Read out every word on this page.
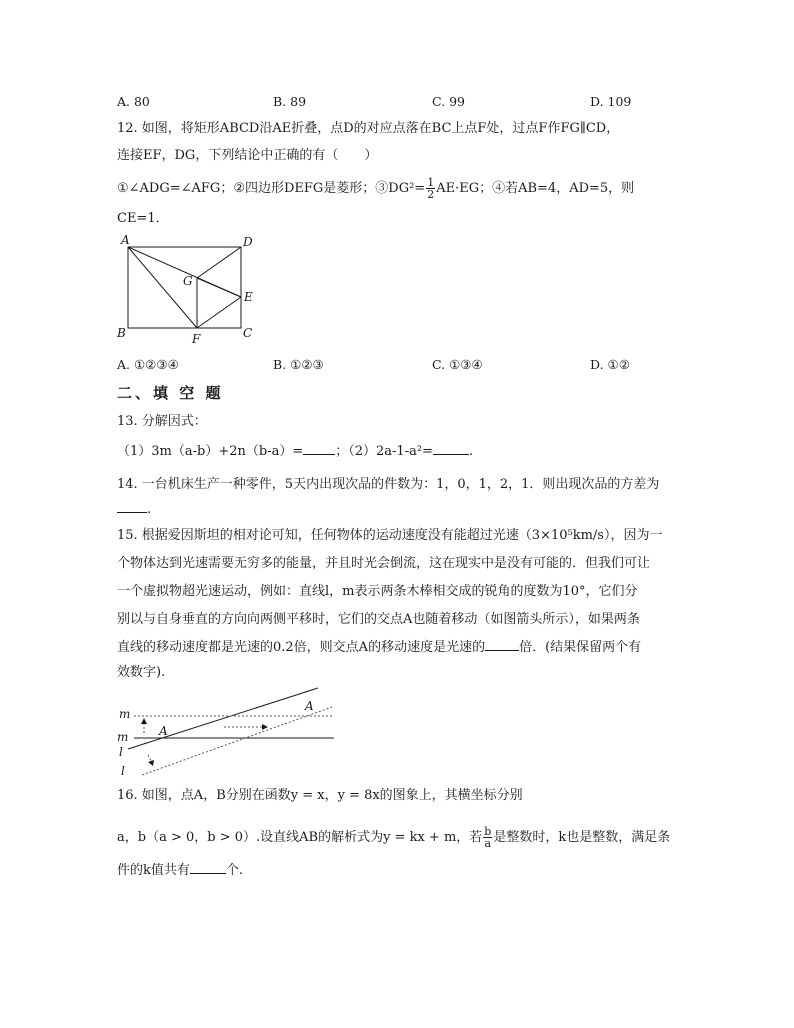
A. 80	B. 89	C. 99	D. 109
12. 如图，将矩形ABCD沿AE折叠，点D的对应点落在BC上点F处，过点F作FG∥CD，
连接EF，DG，下列结论中正确的有（　　）
①∠ADG=∠AFG；②四边形DEFG是菱形；③DG²= $\frac{1}{2} AE\cdot EG$；④若AB=4，AD=5，则
CE=1．
A	D
G
E
B	F	C
A. ①②③④	B. ①②③	C. ①③④	D. ①②
二、填 空 题
13. 分解因式：
（1）3m（a-b）+2n（b-a）= ；（2）2a-1-a²=	.
14. 一台机床生产一种零件，5天内出现次品的件数为：1，0，1，2，1．则出现次品的方差为
.
15. 根据爱因斯坦的相对论可知，任何物体的运动速度没有能超过光速（3×10⁵km/s），因为一
个物体达到光速需要无穷多的能量，并且时光会倒流，这在现实中是没有可能的．但我们可让
一个虚拟物超光速运动，例如：直线l，m表示两条木棒相交成的锐角的度数为10°，它们分
别以与自身垂直的方向向两侧平移时，它们的交点A也随着移动（如图箭头所示），如果两条
直线的移动速度都是光速的0.2倍，则交点A的移动速度是光速的	倍．(结果保留两个有
效数字).
m
m
l
l
A
A
16. 如图，点A，B分别在函数y = x，y = 8x的图象上，其横坐标分别
a，b（a > 0，b > 0）.设直线AB的解析式为y = kx + m，若 $\frac{b}{a}$ 是整数时，k也是整数，满足条
件的k值共有	个.
